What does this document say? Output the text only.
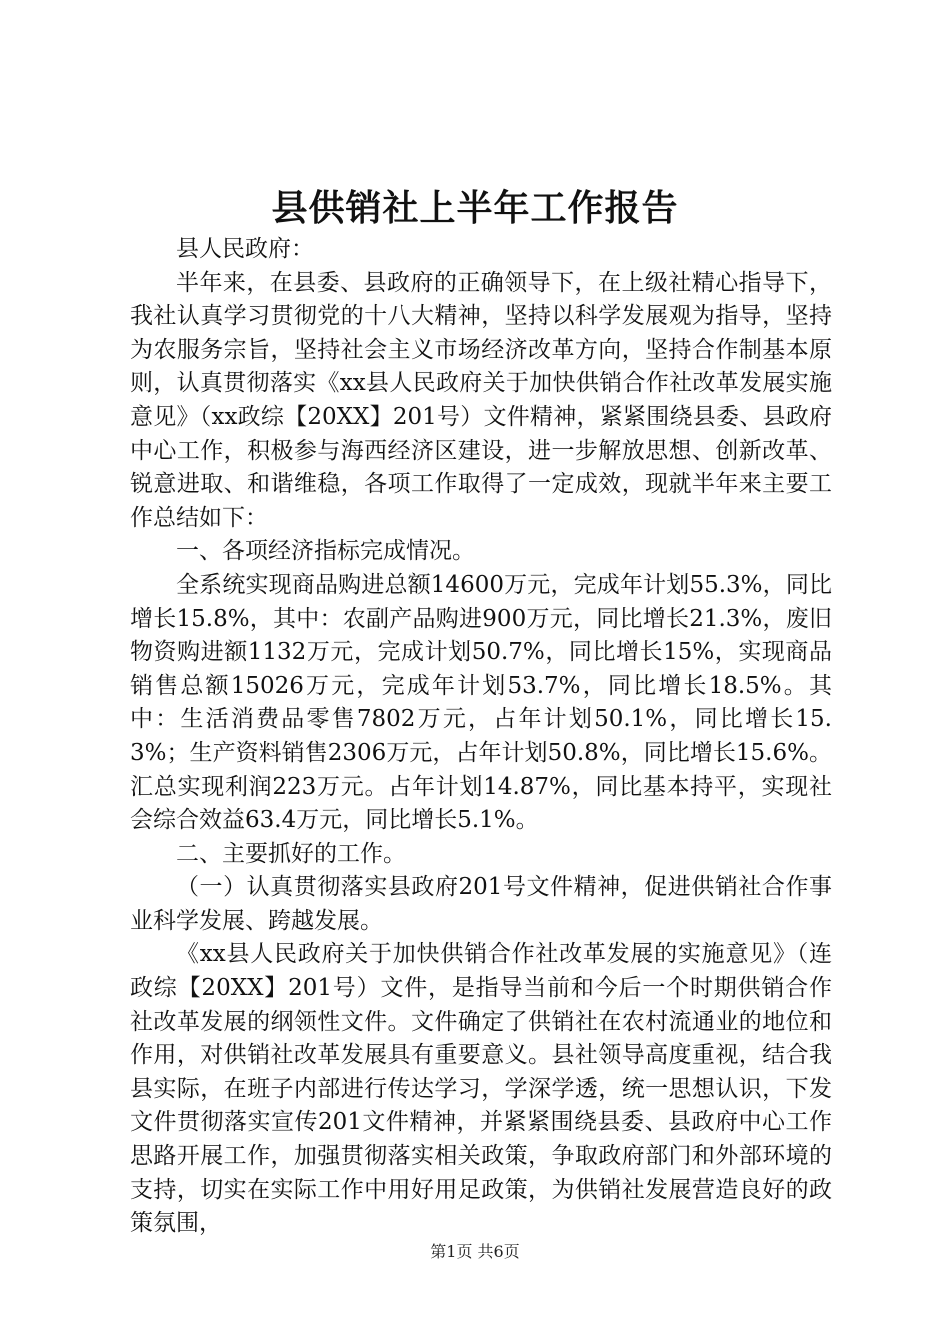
县供销社上半年工作报告

县人民政府：

半年来，在县委、县政府的正确领导下，在上级社精心指导下，我社认真学习贯彻党的十八大精神，坚持以科学发展观为指导，坚持为农服务宗旨，坚持社会主义市场经济改革方向，坚持合作制基本原则，认真贯彻落实《xx县人民政府关于加快供销合作社改革发展实施意见》（xx政综【20XX】201号）文件精神，紧紧围绕县委、县政府中心工作，积极参与海西经济区建设，进一步解放思想、创新改革、锐意进取、和谐维稳，各项工作取得了一定成效，现就半年来主要工作总结如下：

一、各项经济指标完成情况。

全系统实现商品购进总额14600万元，完成年计划55.3%，同比增长15.8%，其中：农副产品购进900万元，同比增长21.3%，废旧物资购进额1132万元，完成计划50.7%，同比增长15%，实现商品销售总额15026万元，完成年计划53.7%，同比增长18.5%。其中：生活消费品零售7802万元，占年计划50.1%，同比增长15.3%；生产资料销售2306万元，占年计划50.8%，同比增长15.6%。汇总实现利润223万元。占年计划14.87%，同比基本持平，实现社会综合效益63.4万元，同比增长5.1%。

二、主要抓好的工作。

（一）认真贯彻落实县政府201号文件精神，促进供销社合作事业科学发展、跨越发展。

《xx县人民政府关于加快供销合作社改革发展的实施意见》（连政综【20XX】201号）文件，是指导当前和今后一个时期供销合作社改革发展的纲领性文件。文件确定了供销社在农村流通业的地位和作用，对供销社改革发展具有重要意义。县社领导高度重视，结合我县实际，在班子内部进行传达学习，学深学透，统一思想认识，下发文件贯彻落实宣传201文件精神，并紧紧围绕县委、县政府中心工作思路开展工作，加强贯彻落实相关政策，争取政府部门和外部环境的支持，切实在实际工作中用好用足政策，为供销社发展营造良好的政策氛围，

第1页 共6页
